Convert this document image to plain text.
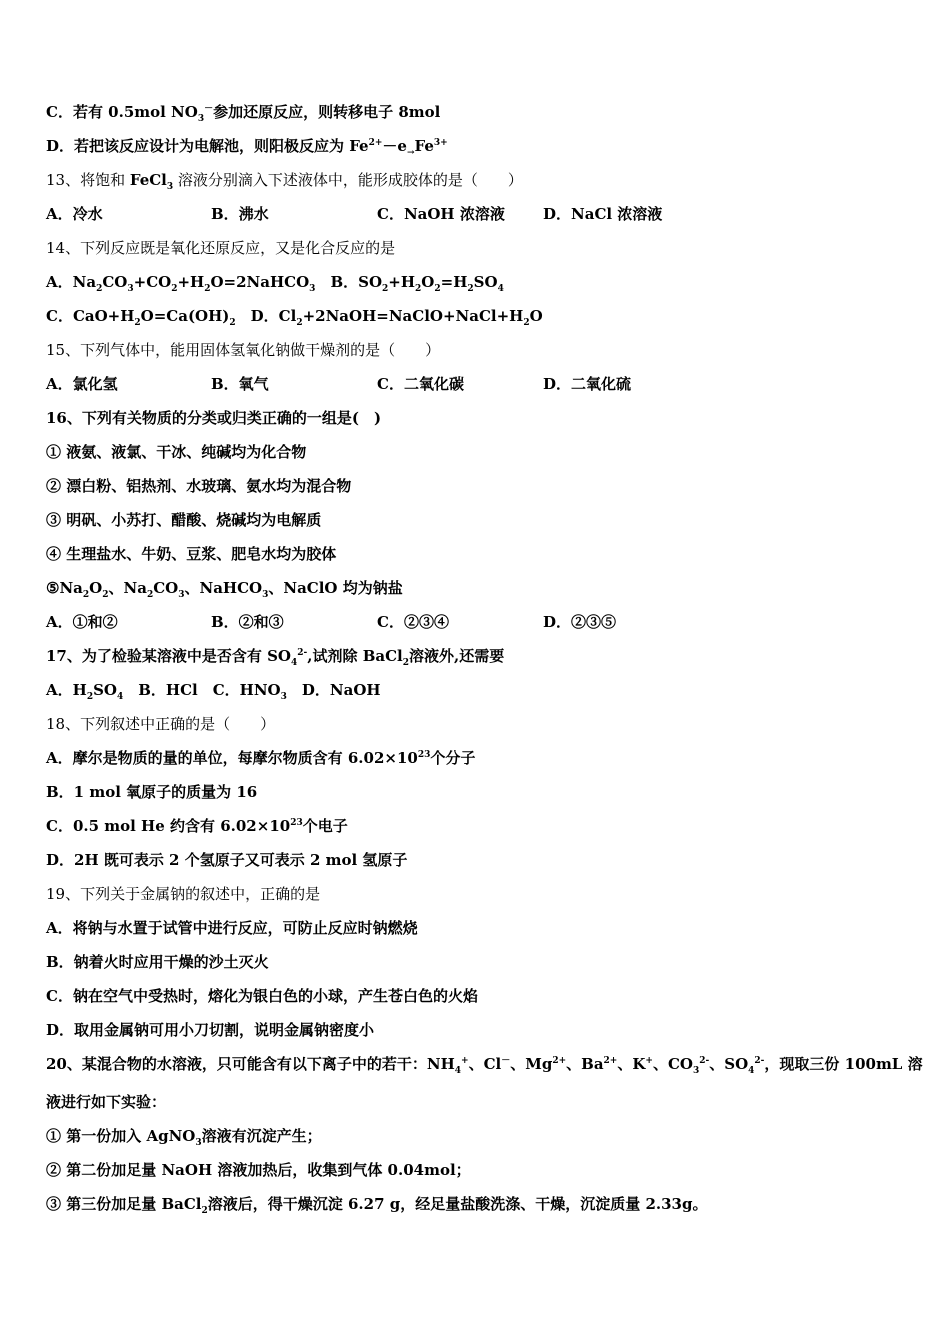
C．若有 0.5mol $NO_3^-$参加还原反应，则转移电子 8mol
D．若把该反应设计为电解池，则阳极反应为 $Fe^{2+}-e_\to Fe^{3+}$
13、将饱和 FeCl$_3$ 溶液分别滴入下述液体中，能形成胶体的是（　　）
A．冷水	B．沸水	C．NaOH 浓溶液	D．NaCl 浓溶液
14、下列反应既是氧化还原反应，又是化合反应的是
A．$Na_2CO_3+CO_2+H_2O=2NaHCO_3$　B．$SO_2+H_2O_2=H_2SO_4$
C．$CaO+H_2O=Ca(OH)_2$　D．$Cl_2+2NaOH=NaClO+NaCl+H_2O$
15、下列气体中，能用固体氢氧化钠做干燥剂的是（　　）
A．氯化氢	B．氧气	C．二氧化碳	D．二氧化硫
16、下列有关物质的分类或归类正确的一组是(　)
① 液氨、液氯、干冰、纯碱均为化合物
② 漂白粉、铝热剂、水玻璃、氨水均为混合物
③ 明矾、小苏打、醋酸、烧碱均为电解质
④ 生理盐水、牛奶、豆浆、肥皂水均为胶体
$⑤Na_2O_2$、$Na_2CO_3$、NaHCO$_3$、NaClO 均为钠盐
A．①和②	B．②和③	C．②③④	D．②③⑤
17、为了检验某溶液中是否含有 $SO_4^{2-}$,试剂除 BaCl$_2$溶液外,还需要
A．$H_2SO_4$　B．HCl　C．$HNO_3$　D．NaOH
18、下列叙述中正确的是（　　）
A．摩尔是物质的量的单位，每摩尔物质含有 $6.02\times 10^{23}$个分子
B．1 mol 氧原子的质量为 16
C．0.5 mol He 约含有 $6.02\times 10^{23}$个电子
D．2H 既可表示 2 个氢原子又可表示 2 mol 氢原子
19、下列关于金属钠的叙述中，正确的是
A．将钠与水置于试管中进行反应，可防止反应时钠燃烧
B．钠着火时应用干燥的沙土灭火
C．钠在空气中受热时，熔化为银白色的小球，产生苍白色的火焰
D．取用金属钠可用小刀切割，说明金属钠密度小
20、某混合物的水溶液，只可能含有以下离子中的若干：$NH_4^+$、Cl－、$Mg^{2+}$、$Ba^{2+}$、K+、$CO_3^{2-}$、$SO_4^{2-}$，现取三份 100mL 溶
液进行如下实验：
① 第一份加入 AgNO$_3$溶液有沉淀产生；
② 第二份加足量 NaOH 溶液加热后，收集到气体 0.04mol；
③ 第三份加足量 BaCl$_2$溶液后，得干燥沉淀 6.27 g，经足量盐酸洗涤、干燥，沉淀质量 2.33g。
